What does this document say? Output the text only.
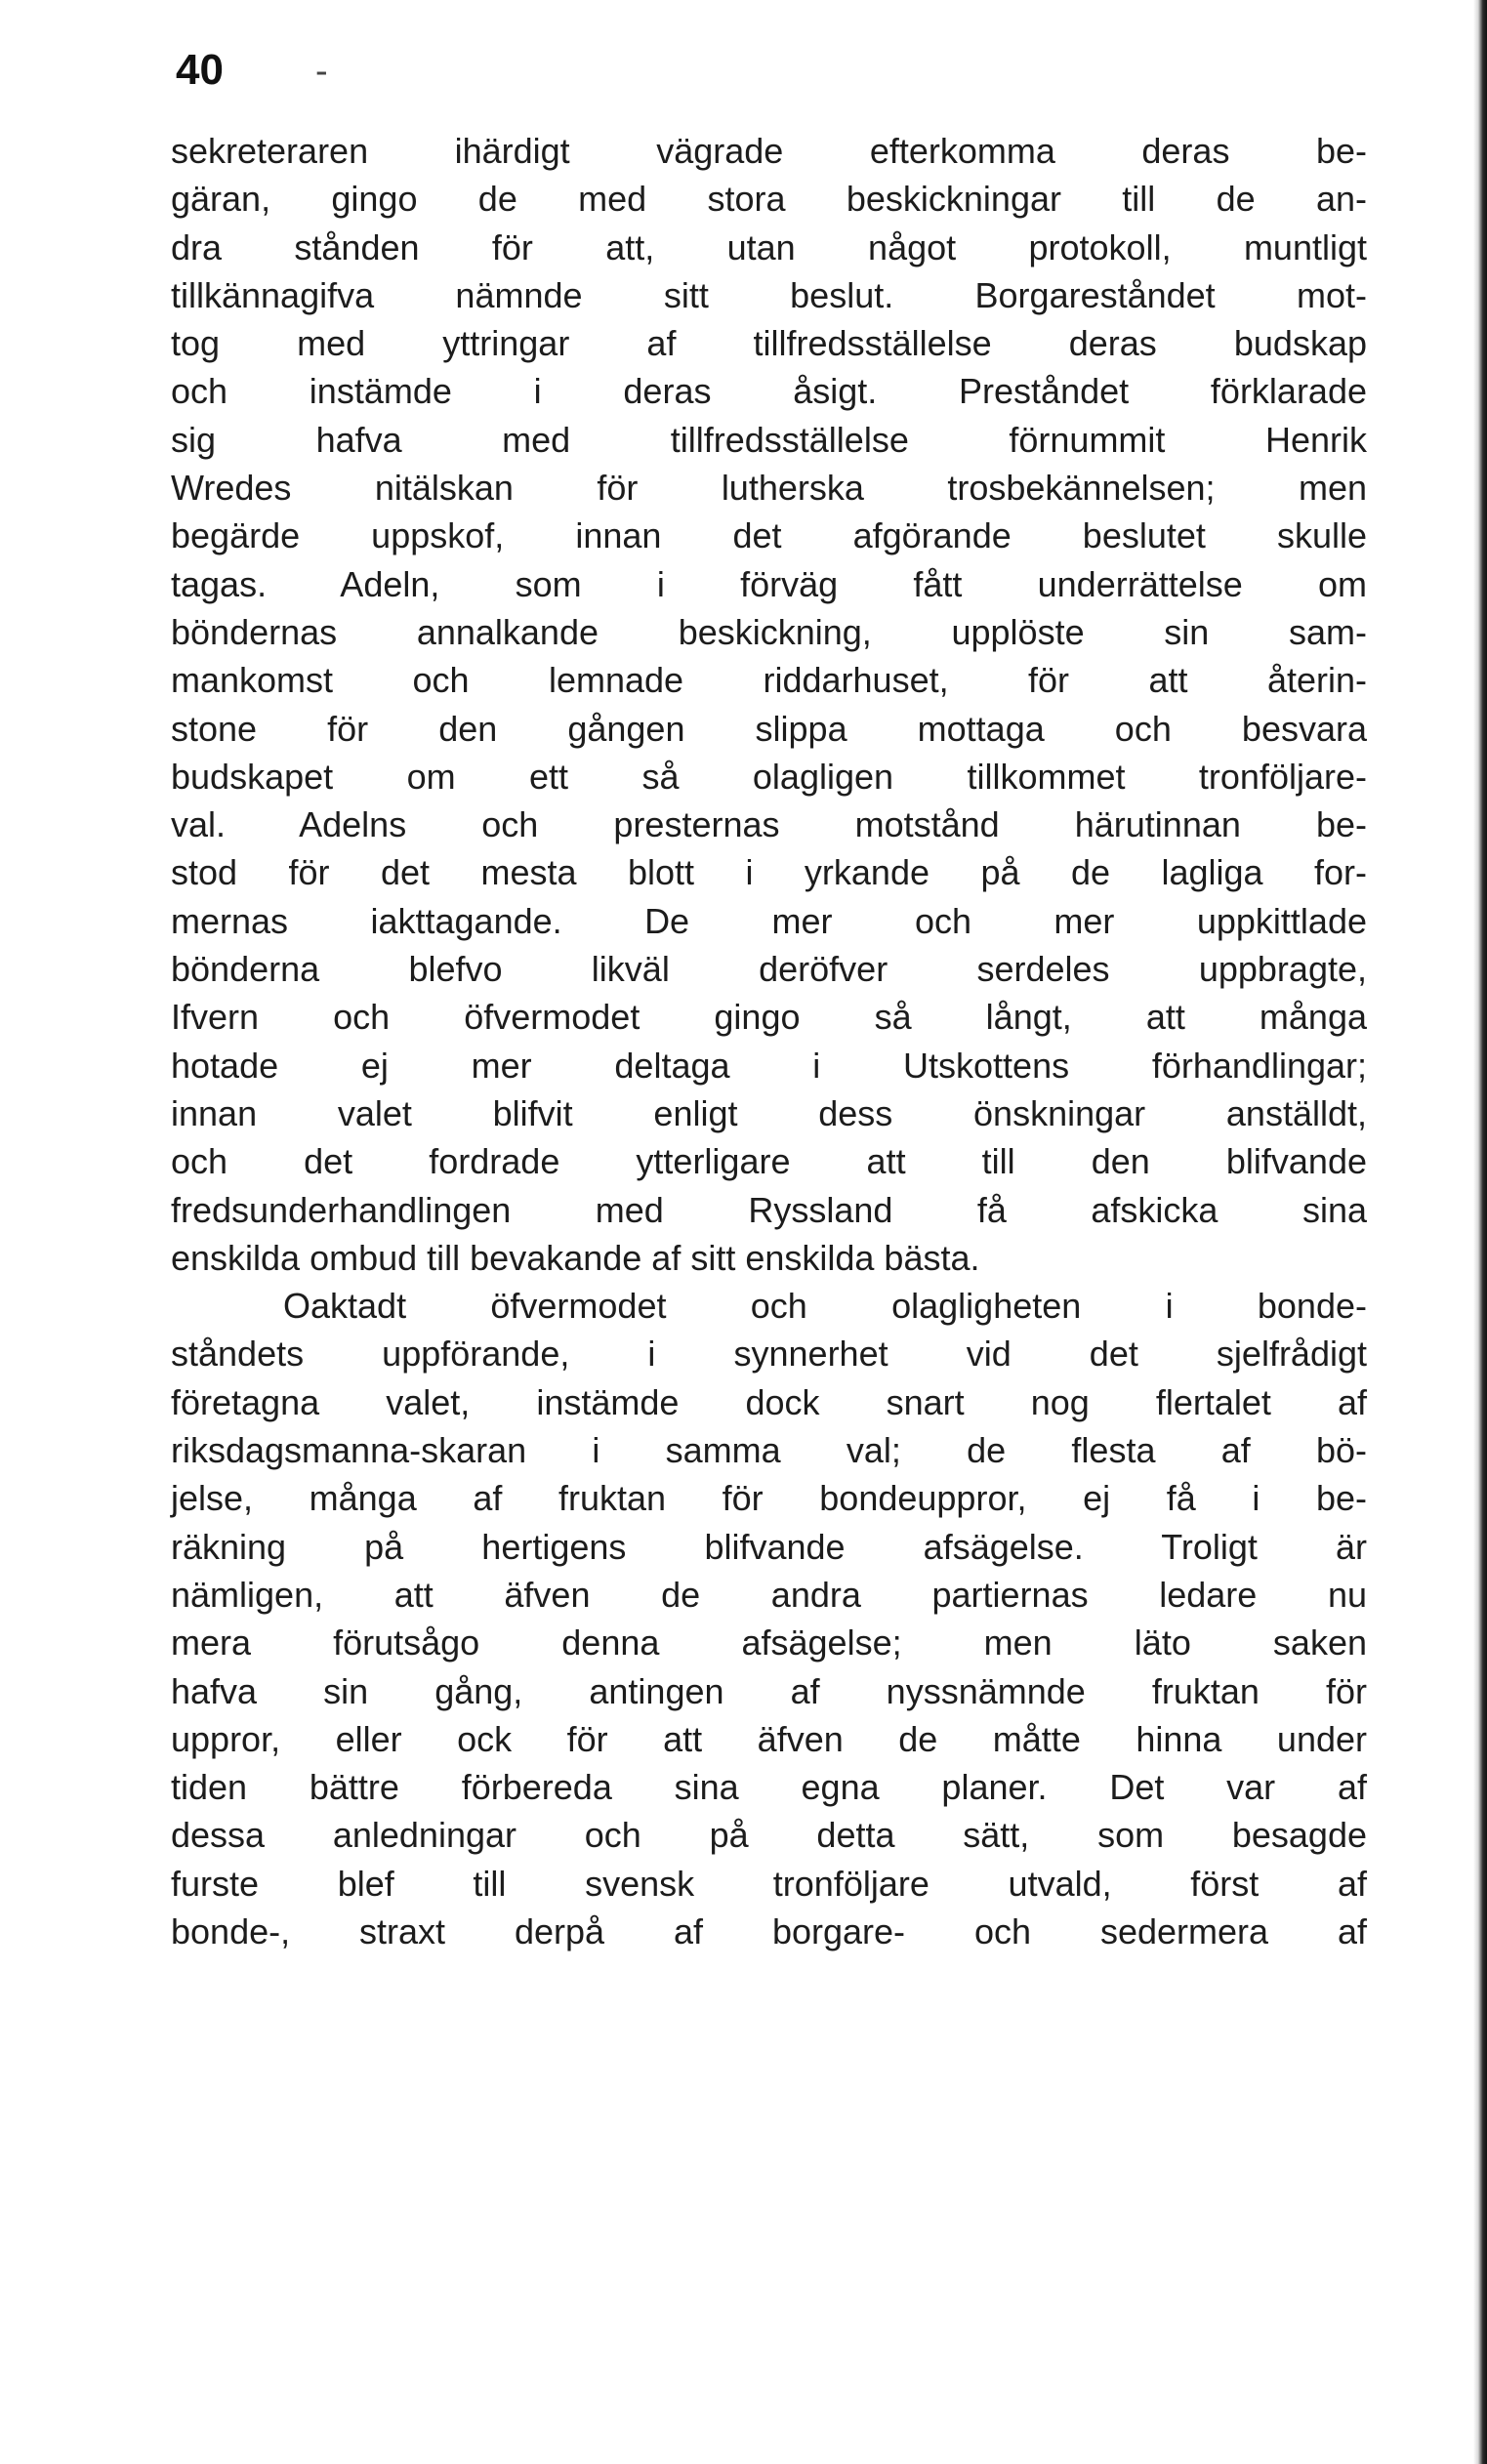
40 -
sekreteraren ihärdigt vägrade efterkomma deras be-
gäran, gingo de med stora beskickningar till de an-
dra stånden för att, utan något protokoll, muntligt
tillkännagifva nämnde sitt beslut. Borgareståndet mot-
tog med yttringar af tillfredsställelse deras budskap
och instämde i deras åsigt. Preståndet förklarade
sig hafva med tillfredsställelse förnummit Henrik
Wredes nitälskan för lutherska trosbekännelsen; men
begärde uppskof, innan det afgörande beslutet skulle
tagas. Adeln, som i förväg fått underrättelse om
böndernas annalkande beskickning, upplöste sin sam-
mankomst och lemnade riddarhuset, för att återin-
stone för den gången slippa mottaga och besvara
budskapet om ett så olagligen tillkommet tronföljare-
val. Adelns och presternas motstånd härutinnan be-
stod för det mesta blott i yrkande på de lagliga for-
mernas iakttagande. De mer och mer uppkittlade
bönderna blefvo likväl deröfver serdeles uppbragte,
Ifvern och öfvermodet gingo så långt, att många
hotade ej mer deltaga i Utskottens förhandlingar;
innan valet blifvit enligt dess önskningar anställdt,
och det fordrade ytterligare att till den blifvande
fredsunderhandlingen med Ryssland få afskicka sina
enskilda ombud till bevakande af sitt enskilda bästa.
Oaktadt öfvermodet och olagligheten i bonde-
ståndets uppförande, i synnerhet vid det sjelfrådigt
företagna valet, instämde dock snart nog flertalet af
riksdagsmanna-skaran i samma val; de flesta af bö-
jelse, många af fruktan för bondeuppror, ej få i be-
räkning på hertigens blifvande afsägelse. Troligt är
nämligen, att äfven de andra partiernas ledare nu
mera förutsågo denna afsägelse; men läto saken
hafva sin gång, antingen af nyssnämnde fruktan för
uppror, eller ock för att äfven de måtte hinna under
tiden bättre förbereda sina egna planer. Det var af
dessa anledningar och på detta sätt, som besagde
furste blef till svensk tronföljare utvald, först af
bonde-, straxt derpå af borgare- och sedermera af
